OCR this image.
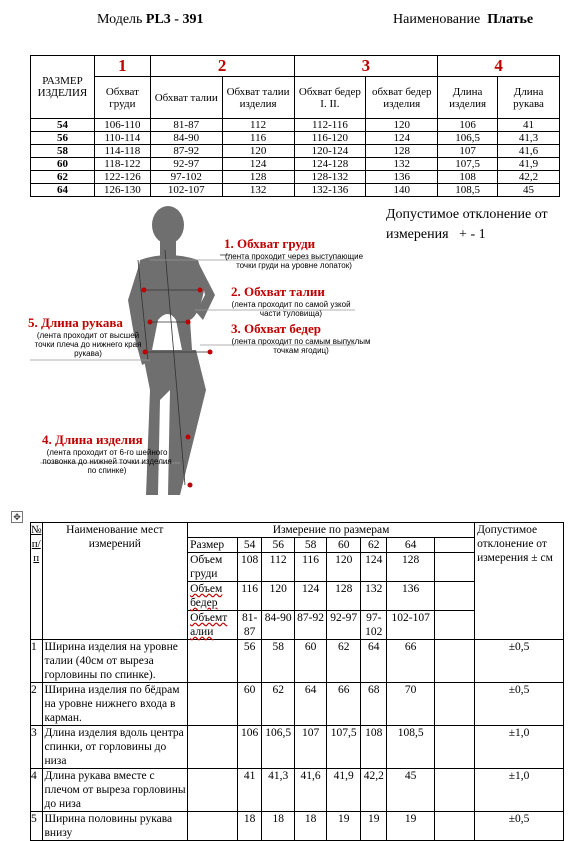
Модель PL3 - 391	Наименование Платье
РАЗМЕР ИЗДЕЛИЯ	1	2		3		4	
	Обхват груди	Обхват талии	Обхват талии изделия	Обхват бедер I. II.	обхват бедер изделия	Длина изделия	Длина рукава
54	106-110	81-87	112	112-116	120	106	41
56	110-114	84-90	116	116-120	124	106,5	41,3
58	114-118	87-92	120	120-124	128	107	41,6
60	118-122	92-97	124	124-128	132	107,5	41,9
62	122-126	97-102	128	128-132	136	108	42,2
64	126-130	102-107	132	132-136	140	108,5	45
Допустимое отклонение от
измерения + - 1
1. Обхват груди
(лента проходит через выступающие точки груди на уровне лопаток)
2. Обхват талии
(лента проходит по самой узкой части туловища)
3. Обхват бедер
(лента проходит по самым выпуклым точкам ягодиц)
4. Длина изделия
(лента проходит от 6-го шейного позвонка до нижней точки изделия по спинке)
5. Длина рукава
(лента проходит от высшей точки плеча до нижнего края рукава)
✥
№ п/п	Наименование мест измерений	Измерение по размерам								Допустимое отклонение от измерения ± см
		Размер	54	56	58	60	62	64		
		Объем груди	108	112	116	120	124	128		
		Объем бедер	116	120	124	128	132	136		
		Объемт алии	81-87	84-90	87-92	92-97	97-102	102-107		
1	Ширина изделия на уровне талии (40см от выреза горловины по спинке).		56	58	60	62	64	66		±0,5
2	Ширина изделия по бёдрам на уровне нижнего входа в карман.		60	62	64	66	68	70		±0,5
3	Длина изделия вдоль центра спинки, от горловины до низа		106	106,5	107	107,5	108	108,5		±1,0
4	Длина рукава вместе с плечом от выреза горловины до низа		41	41,3	41,6	41,9	42,2	45		±1,0
5	Ширина половины рукава внизу		18	18	18	19	19	19		±0,5
